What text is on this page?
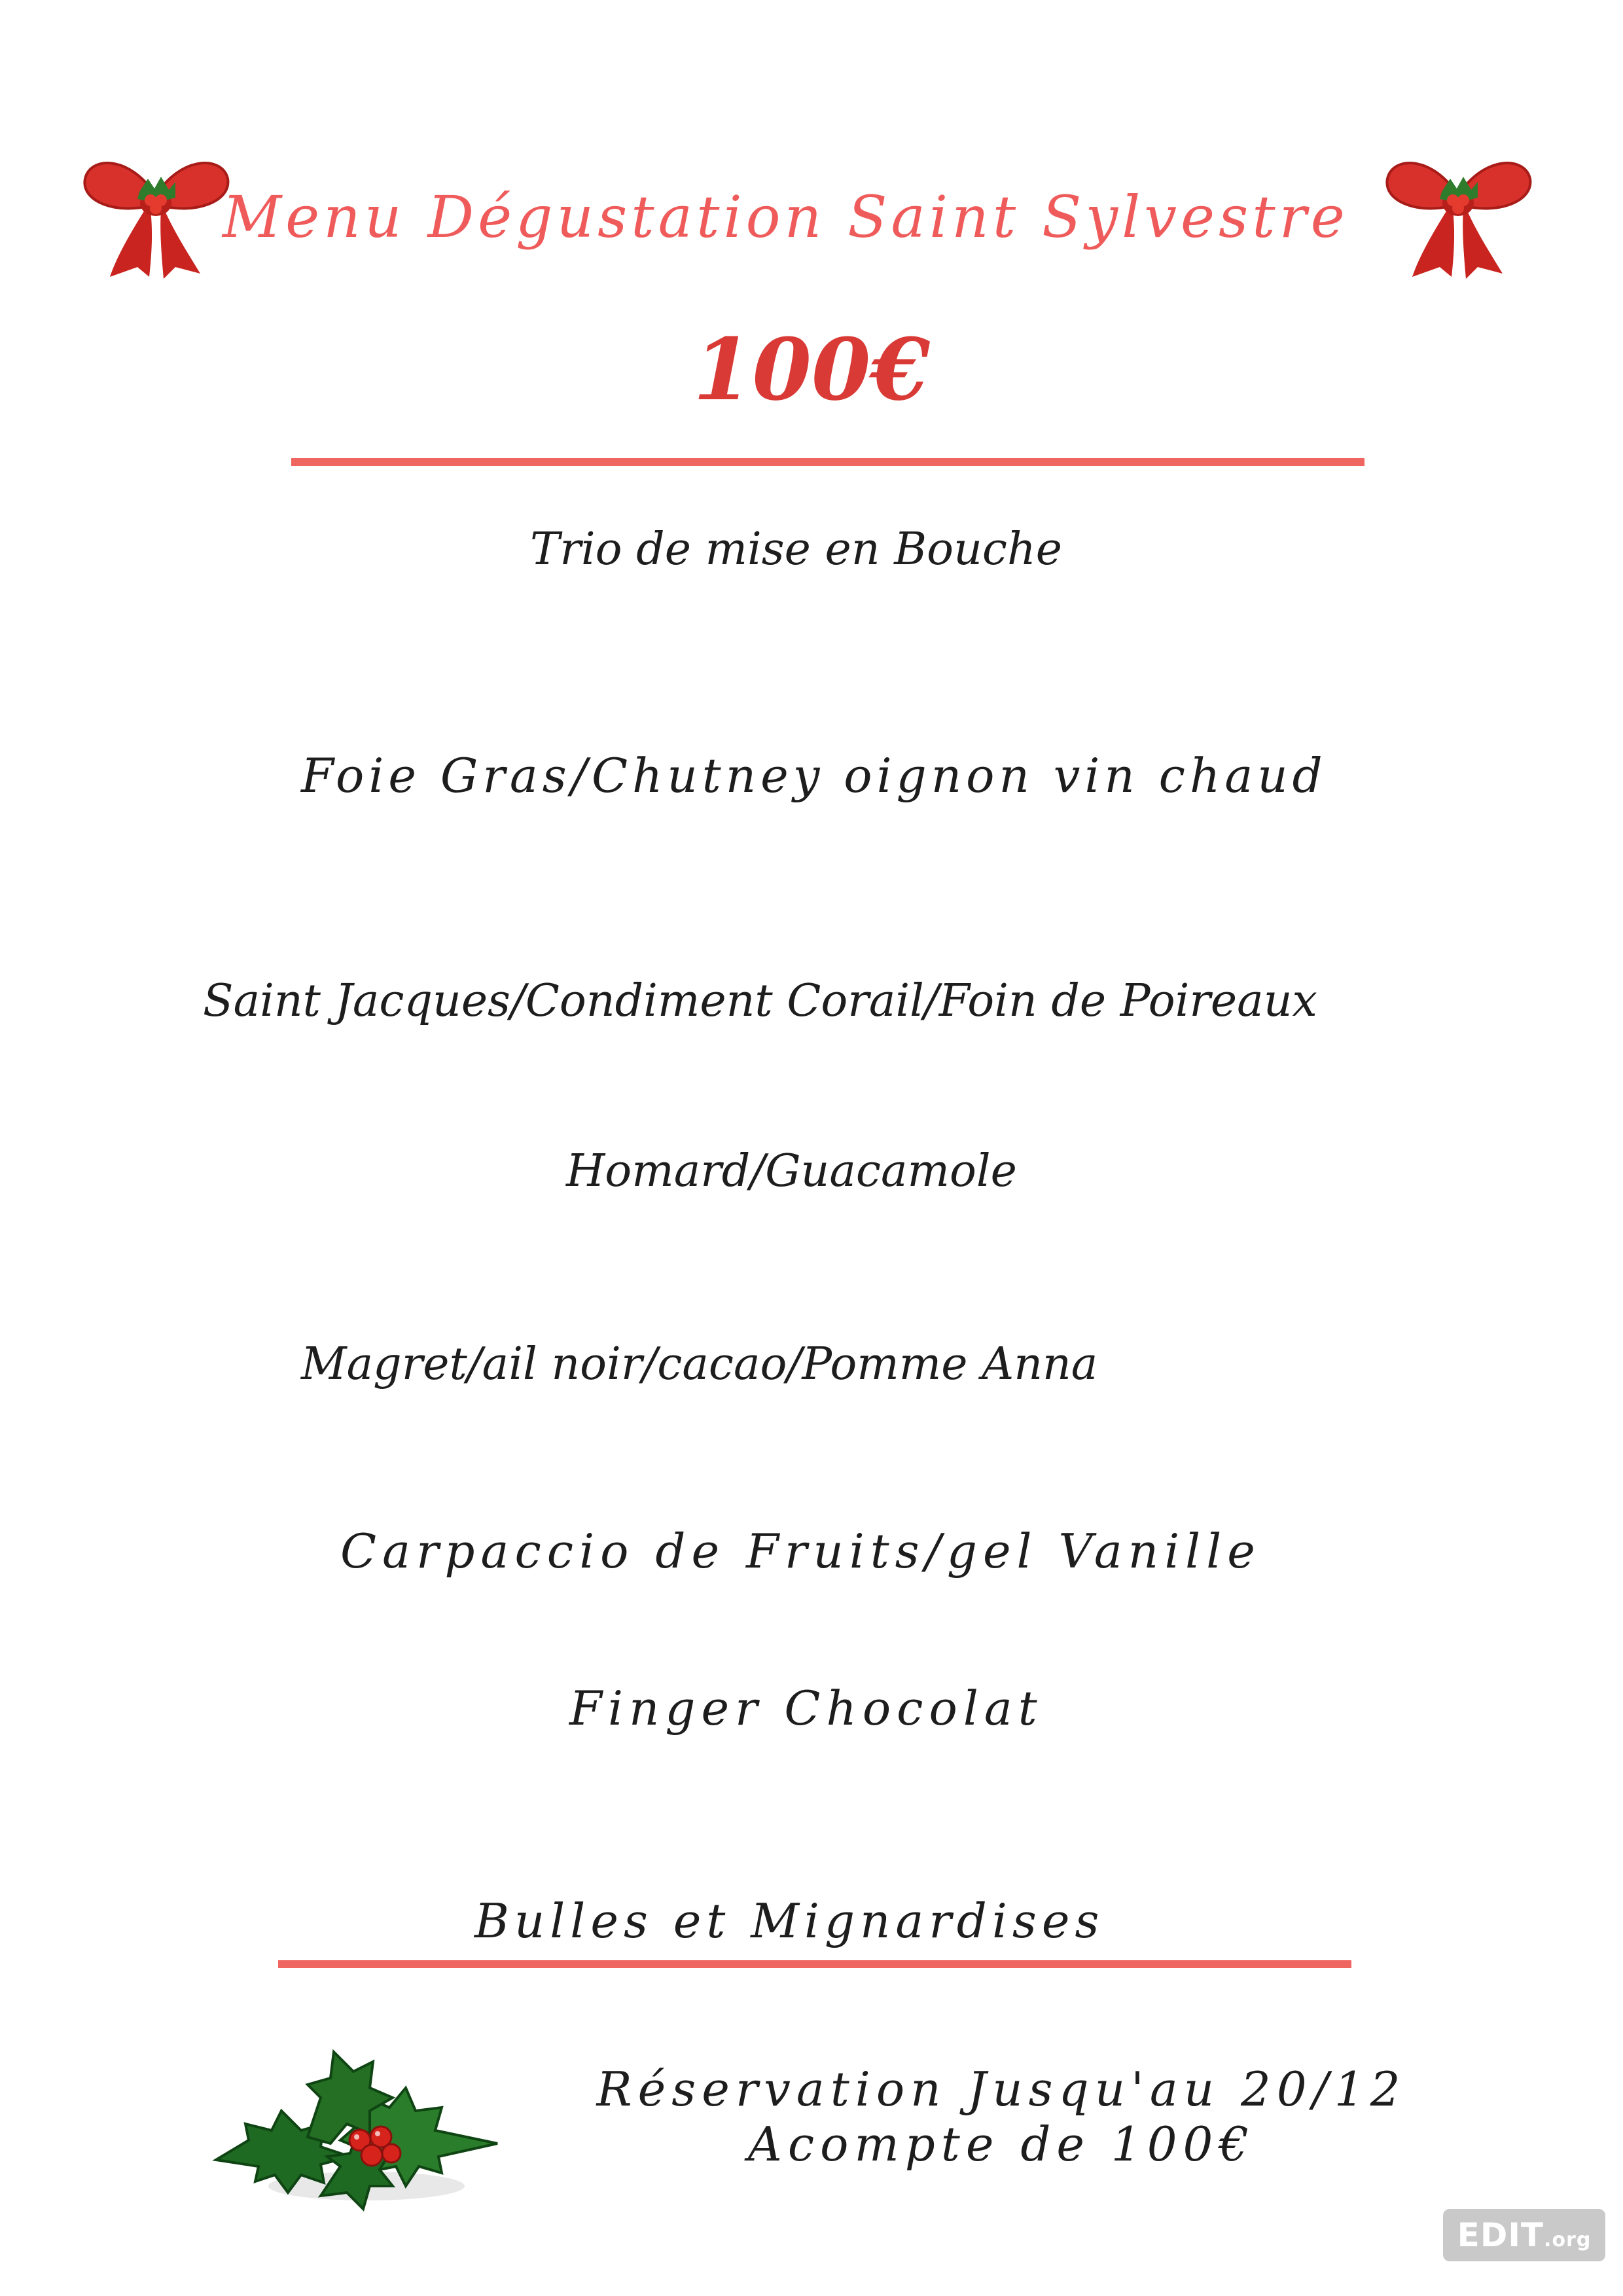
Menu Dégustation Saint Sylvestre
100€
Trio de mise en Bouche
Foie Gras/Chutney oignon vin chaud
Saint Jacques/Condiment Corail/Foin de Poireaux
Homard/Guacamole
Magret/ail noir/cacao/Pomme Anna
Carpaccio de Fruits/gel Vanille
Finger Chocolat
Bulles et Mignardises
Réservation Jusqu'au 20/12
Acompte de 100€
EDIT.org
